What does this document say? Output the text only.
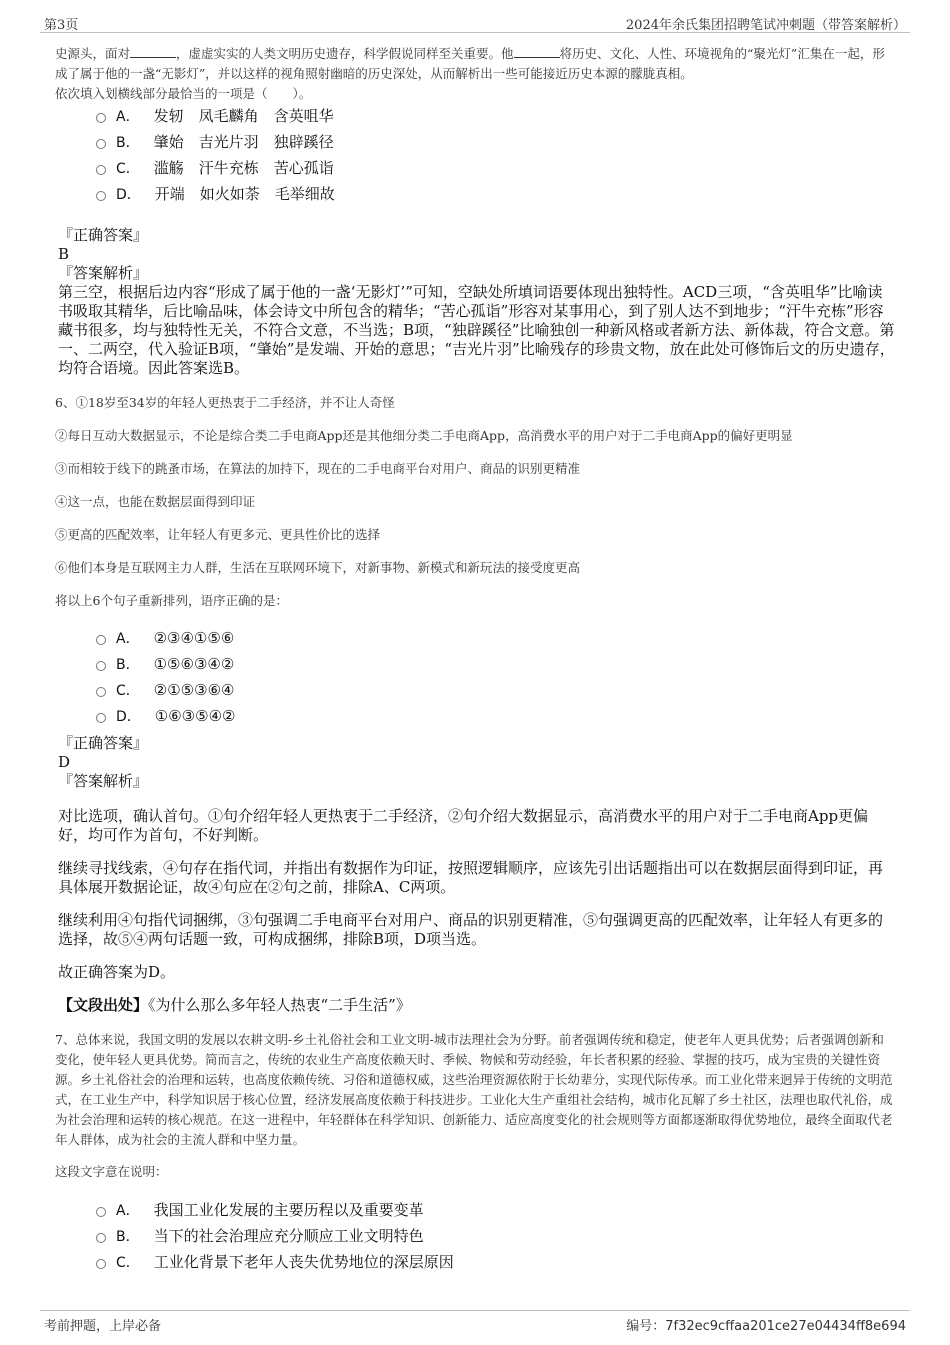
第3页	2024年余氏集团招聘笔试冲刺题（带答案解析）

史源头，面对	，虚虚实实的人类文明历史遗存，科学假说同样至关重要。他	将历史、文化、人性、环境视角的“聚光灯”汇集在一起，形成了属于他的一盏“无影灯”，并以这样的视角照射幽暗的历史深处，从而解析出一些可能接近历史本源的朦胧真相。

依次填入划横线部分最恰当的一项是（　　）。

A． 发轫　凤毛麟角　含英咀华
B． 肇始　吉光片羽　独辟蹊径
C． 滥觞　汗牛充栋　苦心孤诣
D． 开端　如火如荼　毛举细故

『正确答案』

B

『答案解析』

第三空，根据后边内容“形成了属于他的一盏‘无影灯’”可知，空缺处所填词语要体现出独特性。ACD三项，“含英咀华”比喻读书吸取其精华，后比喻品味，体会诗文中所包含的精华；“苦心孤诣”形容对某事用心，到了别人达不到地步；“汗牛充栋”形容藏书很多，均与独特性无关，不符合文意，不当选；B项，“独辟蹊径”比喻独创一种新风格或者新方法、新体裁，符合文意。第一、二两空，代入验证B项，“肇始”是发端、开始的意思；“吉光片羽”比喻残存的珍贵文物，放在此处可修饰后文的历史遗存，均符合语境。因此答案选B。

6、①18岁至34岁的年轻人更热衷于二手经济，并不让人奇怪

②每日互动大数据显示，不论是综合类二手电商App还是其他细分类二手电商App，高消费水平的用户对于二手电商App的偏好更明显

③而相较于线下的跳蚤市场，在算法的加持下，现在的二手电商平台对用户、商品的识别更精准

④这一点，也能在数据层面得到印证

⑤更高的匹配效率，让年轻人有更多元、更具性价比的选择

⑥他们本身是互联网主力人群，生活在互联网环境下，对新事物、新模式和新玩法的接受度更高

将以上6个句子重新排列，语序正确的是：

A． ②③④①⑤⑥
B． ①⑤⑥③④②
C． ②①⑤③⑥④
D． ①⑥③⑤④②

『正确答案』

D

『答案解析』

对比选项，确认首句。①句介绍年轻人更热衷于二手经济，②句介绍大数据显示，高消费水平的用户对于二手电商App更偏好，均可作为首句，不好判断。

继续寻找线索，④句存在指代词，并指出有数据作为印证，按照逻辑顺序，应该先引出话题指出可以在数据层面得到印证，再具体展开数据论证，故④句应在②句之前，排除A、C两项。

继续利用④句指代词捆绑，③句强调二手电商平台对用户、商品的识别更精准，⑤句强调更高的匹配效率，让年轻人有更多的选择，故⑤④两句话题一致，可构成捆绑，排除B项，D项当选。

故正确答案为D。

【文段出处】《为什么那么多年轻人热衷“二手生活”》

7、总体来说，我国文明的发展以农耕文明-乡土礼俗社会和工业文明-城市法理社会为分野。前者强调传统和稳定，使老年人更具优势；后者强调创新和变化，使年轻人更具优势。简而言之，传统的农业生产高度依赖天时、季候、物候和劳动经验，年长者积累的经验、掌握的技巧，成为宝贵的关键性资源。乡土礼俗社会的治理和运转，也高度依赖传统、习俗和道德权威，这些治理资源依附于长幼辈分，实现代际传承。而工业化带来迥异于传统的文明范式，在工业生产中，科学知识居于核心位置，经济发展高度依赖于科技进步。工业化大生产重组社会结构，城市化瓦解了乡土社区，法理也取代礼俗，成为社会治理和运转的核心规范。在这一进程中，年轻群体在科学知识、创新能力、适应高度变化的社会规则等方面都逐渐取得优势地位，最终全面取代老年人群体，成为社会的主流人群和中坚力量。

这段文字意在说明：

A． 我国工业化发展的主要历程以及重要变革
B． 当下的社会治理应充分顺应工业文明特色
C． 工业化背景下老年人丧失优势地位的深层原因
考前押题，上岸必备	编号：7f32ec9cffaa201ce27e04434ff8e694
